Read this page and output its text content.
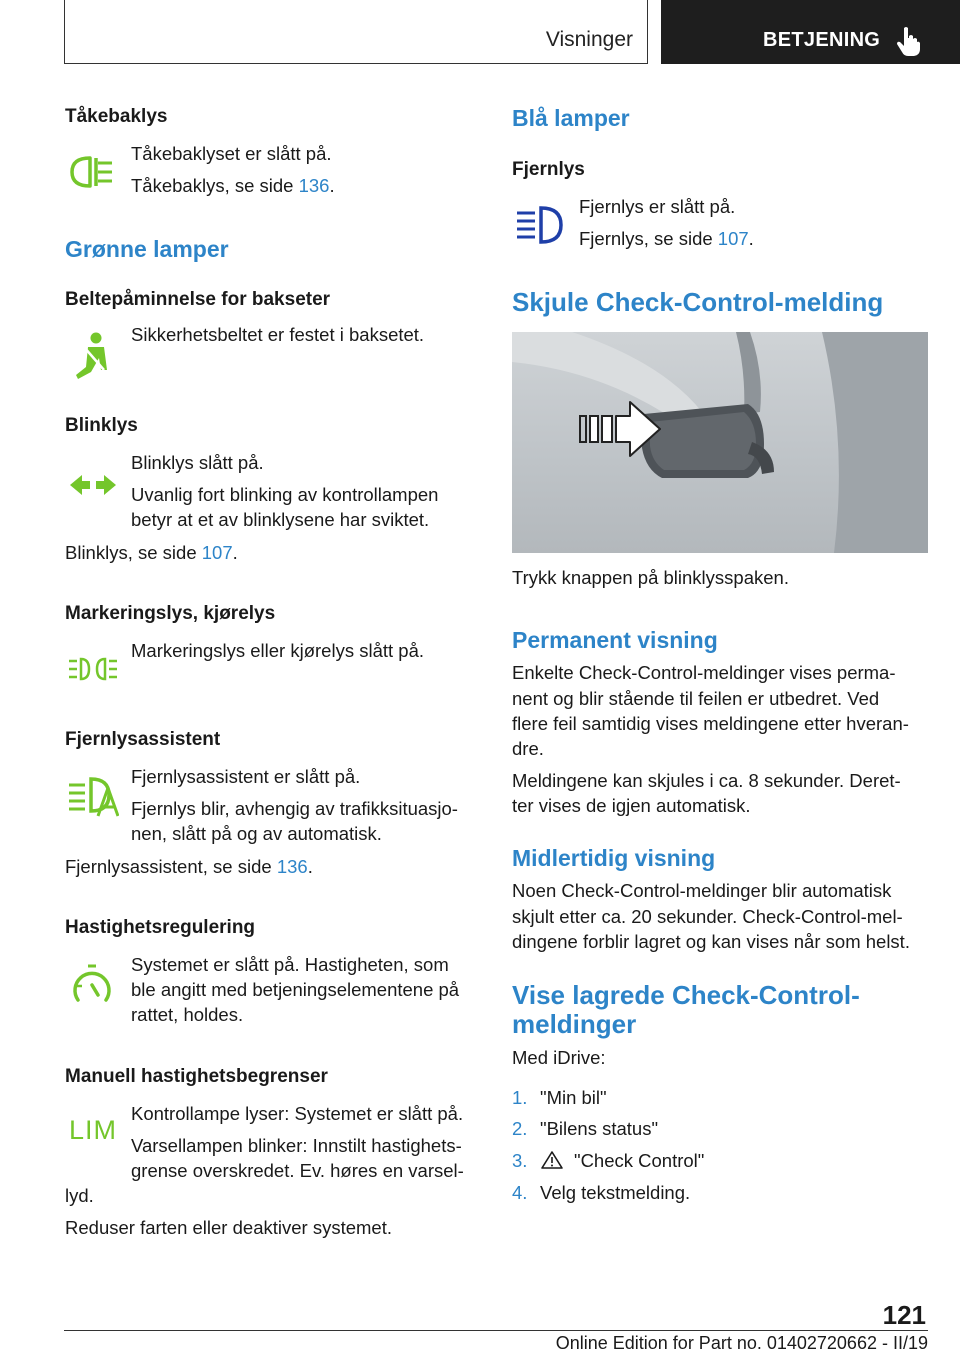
Visninger	BETJENING
Tåkebaklys
Tåkebaklyset er slått på.
Tåkebaklys, se side 136.
Grønne lamper
Beltepåminnelse for bakseter
Sikkerhetsbeltet er festet i baksetet.
Blinklys
Blinklys slått på.
Uvanlig fort blinking av kontrollampen
betyr at et av blinklysene har sviktet.
Blinklys, se side 107.
Markeringslys, kjørelys
Markeringslys eller kjørelys slått på.
Fjernlysassistent
Fjernlysassistent er slått på.
Fjernlys blir, avhengig av trafikksituasjo-
nen, slått på og av automatisk.
Fjernlysassistent, se side 136.
Hastighetsregulering
Systemet er slått på. Hastigheten, som
ble angitt med betjeningselementene på
rattet, holdes.
Manuell hastighetsbegrenser
LIM
Kontrollampe lyser: Systemet er slått på.
Varsellampen blinker: Innstilt hastighets-
grense overskredet. Ev. høres en varsel-
lyd.
Reduser farten eller deaktiver systemet.
Blå lamper
Fjernlys
Fjernlys er slått på.
Fjernlys, se side 107.
Skjule Check-Control-melding
Trykk knappen på blinklysspaken.
Permanent visning
Enkelte Check-Control-meldinger vises perma-
nent og blir stående til feilen er utbedret. Ved
flere feil samtidig vises meldingene etter hveran-
dre.
Meldingene kan skjules i ca. 8 sekunder. Deret-
ter vises de igjen automatisk.
Midlertidig visning
Noen Check-Control-meldinger blir automatisk
skjult etter ca. 20 sekunder. Check-Control-mel-
dingene forblir lagret og kan vises når som helst.
Vise lagrede Check-Control-
meldinger
Med iDrive:
1. "Min bil"
2. "Bilens status"
3.	"Check Control"
4. Velg tekstmelding.
121
Online Edition for Part no. 01402720662 - II/19
